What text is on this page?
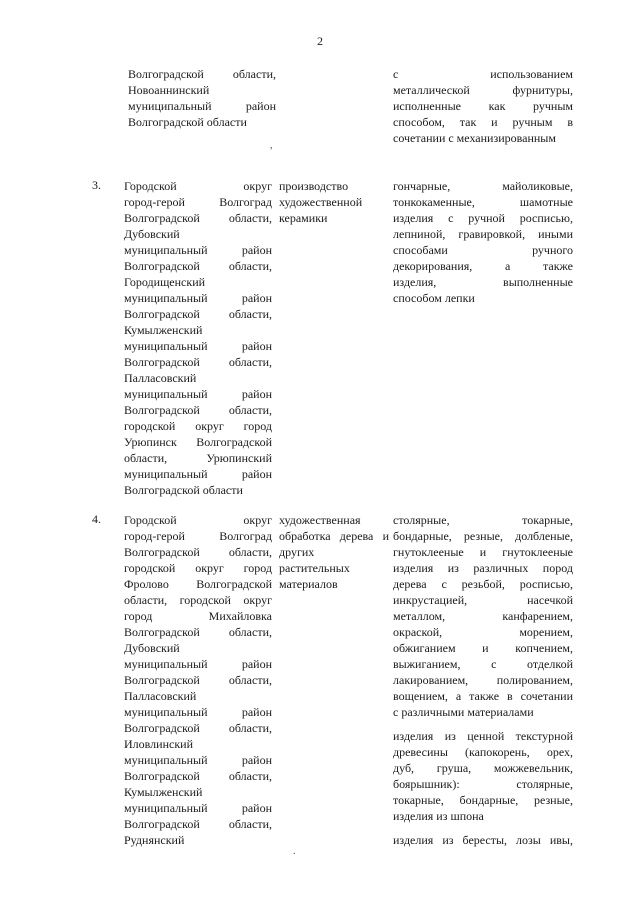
2
Волгоградской области,
Новоаннинский
муниципальный район
Волгоградской области
с использованием
металлической фурнитуры,
исполненные как ручным
способом, так и ручным в
сочетании с механизированным
3. Городской округ
город-герой Волгоград
Волгоградской области,
Дубовский
муниципальный район
Волгоградской области,
Городищенский
муниципальный район
Волгоградской области,
Кумылженский
муниципальный район
Волгоградской области,
Палласовский
муниципальный район
Волгоградской области,
городской округ город
Урюпинск Волгоградской
области, Урюпинский
муниципальный район
Волгоградской области
производство
художественной
керамики
гончарные, майоликовые,
тонкокаменные, шамотные
изделия с ручной росписью,
лепниной, гравировкой, иными
способами ручного
декорирования, а также
изделия, выполненные
способом лепки
4. Городской округ
город-герой Волгоград
Волгоградской области,
городской округ город
Фролово Волгоградской
области, городской округ
город Михайловка
Волгоградской области,
Дубовский
муниципальный район
Волгоградской области,
Палласовский
муниципальный район
Волгоградской области,
Иловлинский
муниципальный район
Волгоградской области,
Кумылженский
муниципальный район
Волгоградской области,
Руднянский
художественная
обработка дерева и
других
растительных
материалов
столярные, токарные,
бондарные, резные, долбленые,
гнутоклееные и гнутоклееные
изделия из различных пород
дерева с резьбой, росписью,
инкрустацией, насечкой
металлом, канфарением,
окраской, морением,
обжиганием и копчением,
выжиганием, с отделкой
лакированием, полированием,
вощением, а также в сочетании
с различными материалами
изделия из ценной текстурной
древесины (капокорень, орех,
дуб, груша, можжевельник,
боярышник): столярные,
токарные, бондарные, резные,
изделия из шпона
изделия из бересты, лозы ивы,
,
.
